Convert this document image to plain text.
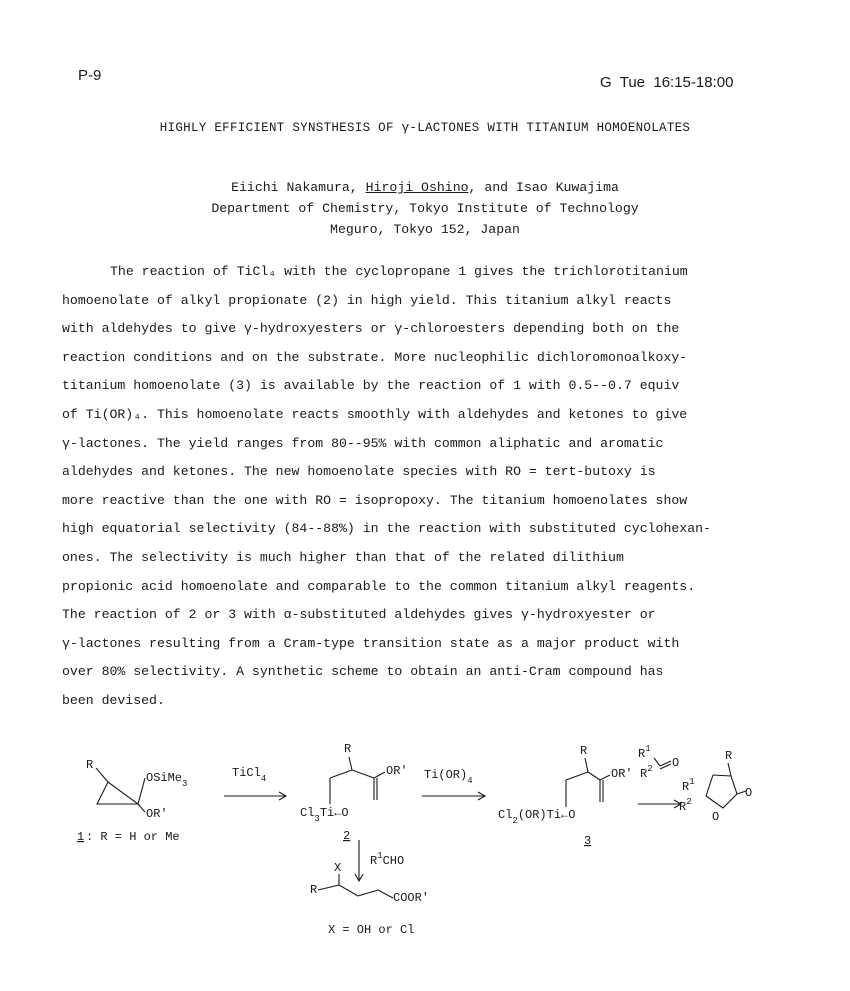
P-9	G  Tue  16:15-18:00
HIGHLY EFFICIENT SYNSTHESIS OF γ-LACTONES WITH TITANIUM HOMOENOLATES
Eiichi Nakamura, Hiroji Oshino, and Isao Kuwajima
Department of Chemistry, Tokyo Institute of Technology
Meguro, Tokyo 152, Japan
The reaction of TiCl₄ with the cyclopropane 1 gives the trichlorotitanium
homoenolate of alkyl propionate (2) in high yield. This titanium alkyl reacts
with aldehydes to give γ-hydroxyesters or γ-chloroesters depending both on the
reaction conditions and on the substrate. More nucleophilic dichloromonoalkoxy-
titanium homoenolate (3) is available by the reaction of 1 with 0.5--0.7 equiv
of Ti(OR)₄. This homoenolate reacts smoothly with aldehydes and ketones to give
γ-lactones. The yield ranges from 80--95% with common aliphatic and aromatic
aldehydes and ketones. The new homoenolate species with RO = tert-butoxy is
more reactive than the one with RO = isopropoxy. The titanium homoenolates show
high equatorial selectivity (84--88%) in the reaction with substituted cyclohexan-
ones. The selectivity is much higher than that of the related dilithium
propionic acid homoenolate and comparable to the common titanium alkyl reagents.
The reaction of 2 or 3 with α-substituted aldehydes gives γ-hydroxyester or
γ-lactones resulting from a Cram-type transition state as a major product with
over 80% selectivity. A synthetic scheme to obtain an anti-Cram compound has
been devised.
R
OSiMe$_3$
OR'
1 : R = H or Me
TiCl$_4$
R
OR'
$Cl_3Ti\leftarrow O$
2
$Ti(OR)_4$
$R^1CHO$
X
R
COOR'
X = OH or Cl
R
OR'
$Cl_2(OR)Ti\leftarrow O$
3
$R^1$
$R^2$ O	R
O
O
$R^1$
$R^2$
